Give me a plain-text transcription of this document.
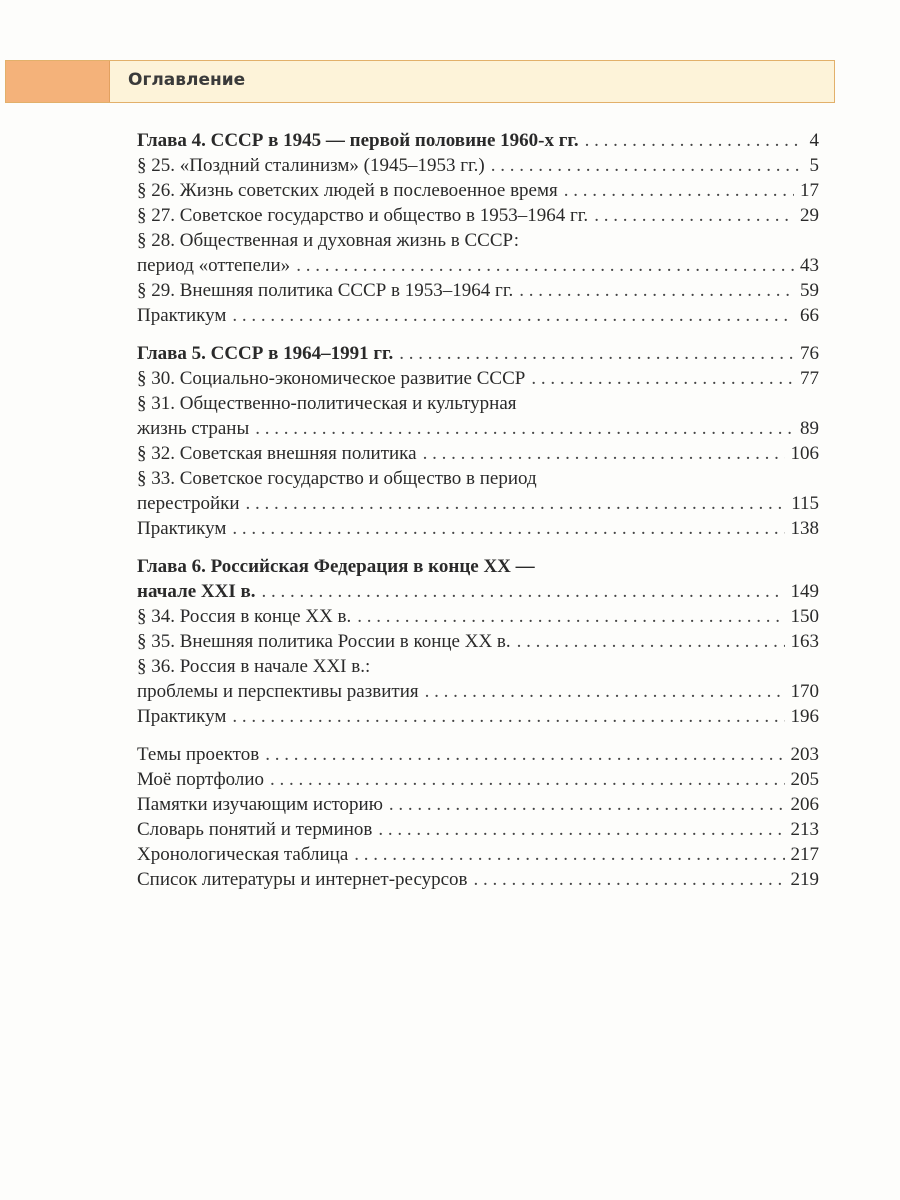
Оглавление
Глава 4. СССР в 1945 — первой половине 1960-х гг. . . .	4
§ 25. «Поздний сталинизм» (1945–1953 гг.) . . .	5
§ 26. Жизнь советских людей в послевоенное время . . .	17
§ 27. Советское государство и общество в 1953–1964 гг. . . .	29
§ 28. Общественная и духовная жизнь в СССР:
период «оттепели» . . .	43
§ 29. Внешняя политика СССР в 1953–1964 гг. . . .	59
Практикум . . .	66
Глава 5. СССР в 1964–1991 гг. . . .	76
§ 30. Социально-экономическое развитие СССР . . .	77
§ 31. Общественно-политическая и культурная
жизнь страны . . .	89
§ 32. Советская внешняя политика . . .	106
§ 33. Советское государство и общество в период
перестройки . . .	115
Практикум . . .	138
Глава 6. Российская Федерация в конце XX —
начале XXI в. . . .	149
§ 34. Россия в конце XX в. . . .	150
§ 35. Внешняя политика России в конце XX в. . . .	163
§ 36. Россия в начале XXI в.:
проблемы и перспективы развития . . .	170
Практикум . . .	196
Темы проектов . . .	203
Моё портфолио . . .	205
Памятки изучающим историю . . .	206
Словарь понятий и терминов . . .	213
Хронологическая таблица . . .	217
Список литературы и интернет-ресурсов . . .	219
